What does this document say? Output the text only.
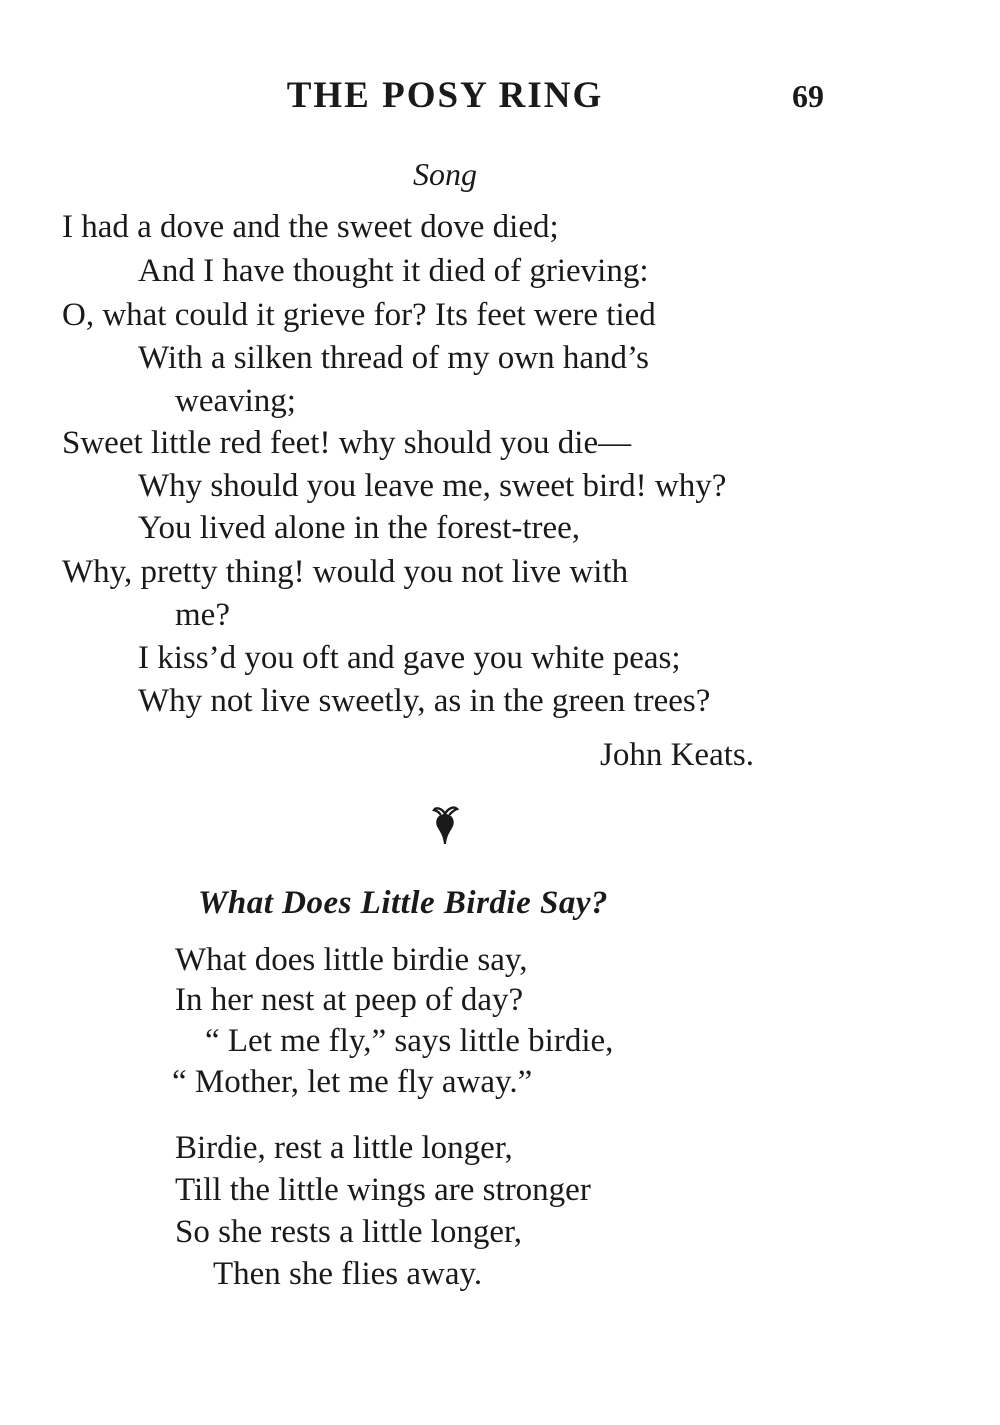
THE POSY RING	69
Song
I had a dove and the sweet dove died;
And I have thought it died of grieving:
O, what could it grieve for? Its feet were tied
With a silken thread of my own hand’s
weaving;
Sweet little red feet! why should you die—
Why should you leave me, sweet bird! why?
You lived alone in the forest-tree,
Why, pretty thing! would you not live with
me?
I kiss’d you oft and gave you white peas;
Why not live sweetly, as in the green trees?
John Keats.
What Does Little Birdie Say?
What does little birdie say,
In her nest at peep of day?
“ Let me fly,” says little birdie,
“ Mother, let me fly away.”
Birdie, rest a little longer,
Till the little wings are stronger
So she rests a little longer,
Then she flies away.
